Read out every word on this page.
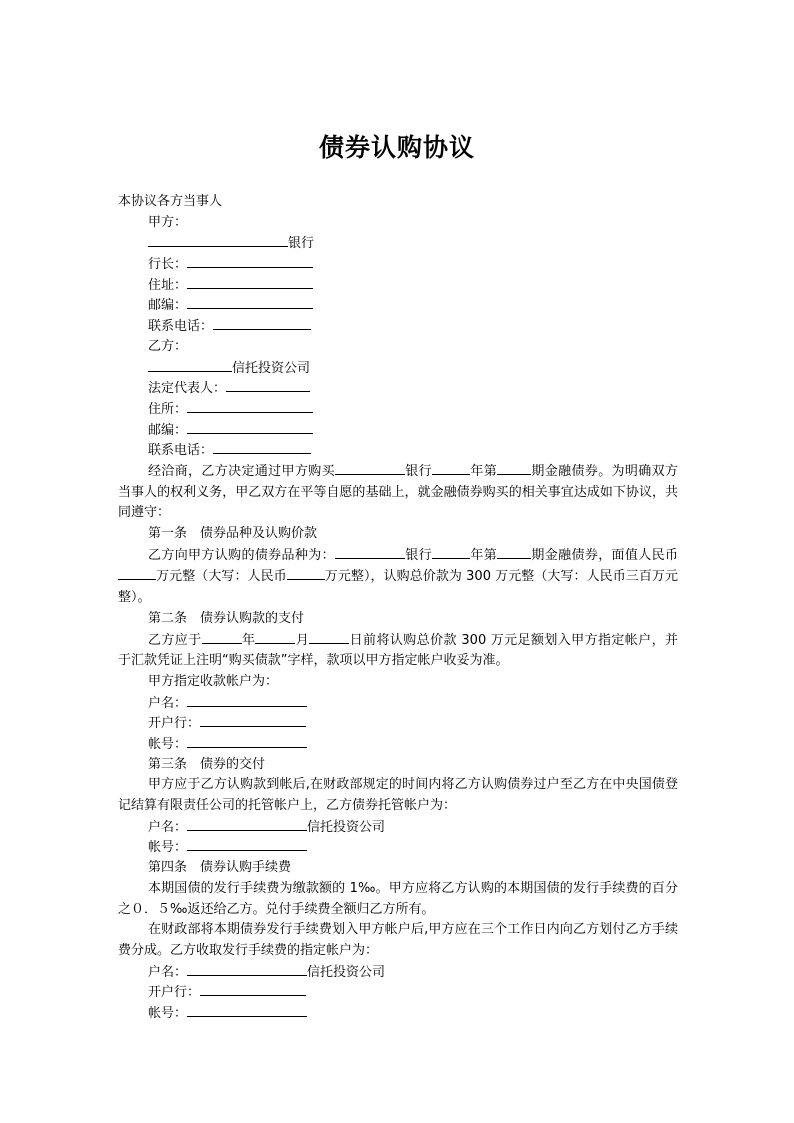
债券认购协议
本协议各方当事人
甲方：
银行
行长：
住址：
邮编：
联系电话：
乙方：
信托投资公司
法定代表人：
住所：
邮编：
联系电话：
经洽商，乙方决定通过甲方购买	银行	年第	期金融债券。为明确双方当事人的权利义务，甲乙双方在平等自愿的基础上，就金融债券购买的相关事宜达成如下协议，共同遵守：
第一条　债券品种及认购价款
乙方向甲方认购的债券品种为：	银行	年第	期金融债券，面值人民币万元整（大写：人民币	万元整），认购总价款为 300 万元整（大写：人民币三百万元整）。
第二条　债券认购款的支付
乙方应于	年	月	日前将认购总价款 300 万元足额划入甲方指定帐户，并于汇款凭证上注明“购买债款”字样，款项以甲方指定帐户收妥为准。
甲方指定收款帐户为：
户名：
开户行：
帐号：
第三条　债券的交付
甲方应于乙方认购款到帐后,在财政部规定的时间内将乙方认购债券过户至乙方在中央国债登记结算有限责任公司的托管帐户上，乙方债券托管帐户为：
户名：	信托投资公司
帐号：
第四条　债券认购手续费
本期国债的发行手续费为缴款额的 1‰。甲方应将乙方认购的本期国债的发行手续费的百分之０．５‰返还给乙方。兑付手续费全额归乙方所有。
在财政部将本期债券发行手续费划入甲方帐户后,甲方应在三个工作日内向乙方划付乙方手续费分成。乙方收取发行手续费的指定帐户为：
户名：	信托投资公司
开户行：
帐号：
